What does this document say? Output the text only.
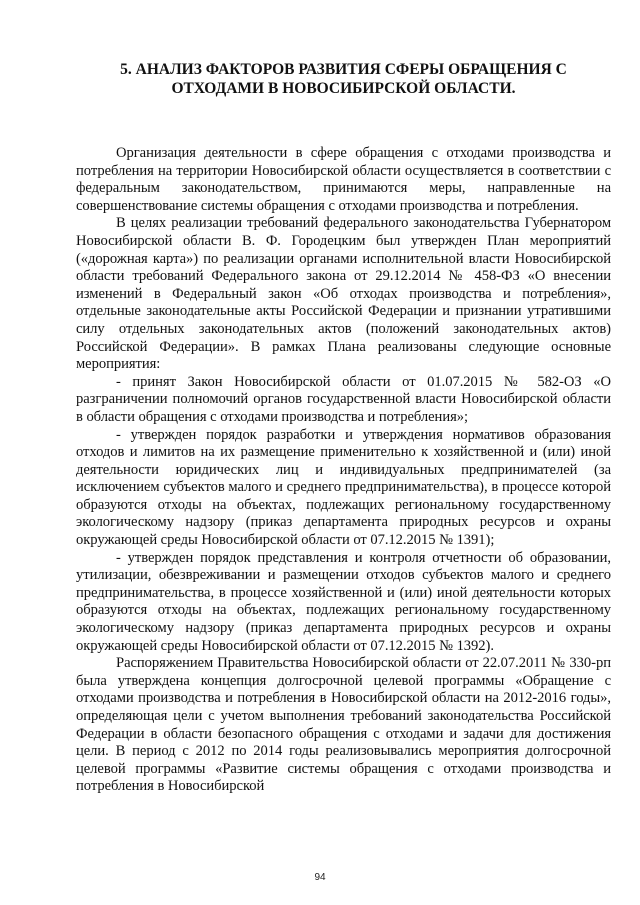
5. АНАЛИЗ ФАКТОРОВ РАЗВИТИЯ СФЕРЫ ОБРАЩЕНИЯ С
ОТХОДАМИ В НОВОСИБИРСКОЙ ОБЛАСТИ.

Организация деятельности в сфере обращения с отходами производства и потребления на территории Новосибирской области осуществляется в соответствии с федеральным законодательством, принимаются меры, направленные на совершенствование системы обращения с отходами производства и потребления.

В целях реализации требований федерального законодательства Губернатором Новосибирской области В. Ф. Городецким был утвержден План мероприятий («дорожная карта») по реализации органами исполнительной власти Новосибирской области требований Федерального закона от 29.12.2014 № 458-ФЗ «О внесении изменений в Федеральный закон «Об отходах производства и потребления», отдельные законодательные акты Российской Федерации и признании утратившими силу отдельных законодательных актов (положений законодательных актов) Российской Федерации». В рамках Плана реализованы следующие основные мероприятия:

- принят Закон Новосибирской области от 01.07.2015 № 582-ОЗ «О разграничении полномочий органов государственной власти Новосибирской области в области обращения с отходами производства и потребления»;

- утвержден порядок разработки и утверждения нормативов образования отходов и лимитов на их размещение применительно к хозяйственной и (или) иной деятельности юридических лиц и индивидуальных предпринимателей (за исключением субъектов малого и среднего предпринимательства), в процессе которой образуются отходы на объектах, подлежащих региональному государственному экологическому надзору (приказ департамента природных ресурсов и охраны окружающей среды Новосибирской области от 07.12.2015 № 1391);

- утвержден порядок представления и контроля отчетности об образовании, утилизации, обезвреживании и размещении отходов субъектов малого и среднего предпринимательства, в процессе хозяйственной и (или) иной деятельности которых образуются отходы на объектах, подлежащих региональному государственному экологическому надзору (приказ департамента природных ресурсов и охраны окружающей среды Новосибирской области от 07.12.2015 № 1392).

Распоряжением Правительства Новосибирской области от 22.07.2011 № 330-рп была утверждена концепция долгосрочной целевой программы «Обращение с отходами производства и потребления в Новосибирской области на 2012-2016 годы», определяющая цели с учетом выполнения требований законодательства Российской Федерации в области безопасного обращения с отходами и задачи для достижения цели. В период с 2012 по 2014 годы реализовывались мероприятия долгосрочной целевой программы «Развитие системы обращения с отходами производства и потребления в Новосибирской

94
